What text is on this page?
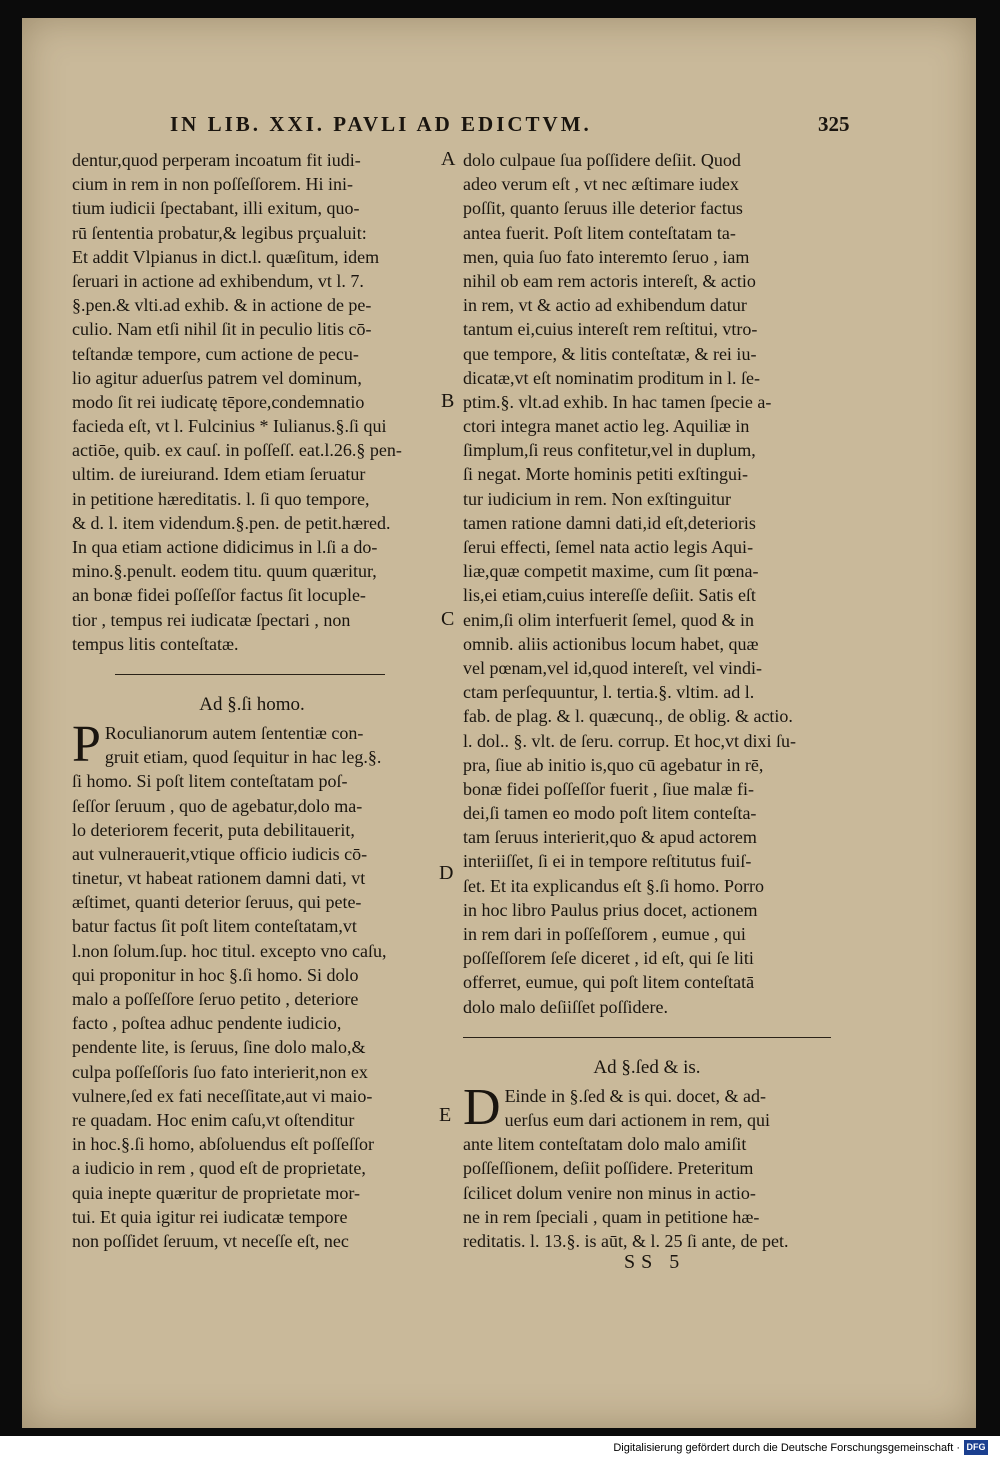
IN LIB. XXI. PAVLI AD EDICTVM.	325
A
B
C
D
E
dentur,quod perperam incoatum fit iudi-
cium in rem in non poſſeſſorem. Hi ini-
tium iudicii ſpectabant, illi exitum, quo-
rū ſententia probatur,& legibus prçualuit:
Et addit Vlpianus in dict.l. quæſitum, idem
ſeruari in actione ad exhibendum, vt l. 7.
§.pen.& vlti.ad exhib. & in actione de pe-
culio. Nam etſi nihil ſit in peculio litis cō-
teſtandæ tempore, cum actione de pecu-
lio agitur aduerſus patrem vel dominum,
modo ſit rei iudicatę tēpore,condemnatio
facieda eſt, vt l. Fulcinius * Iulianus.§.ſi qui
actiōe, quib. ex cauſ. in poſſeſſ. eat.l.26.§ pen-
ultim. de iureiurand. Idem etiam ſeruatur
in petitione hæreditatis. l. ſi quo tempore,
& d. l. item videndum.§.pen. de petit.hæred.
In qua etiam actione didicimus in l.ſi a do-
mino.§.penult. eodem titu. quum quæritur,
an bonæ fidei poſſeſſor factus ſit locuple-
tior , tempus rei iudicatæ ſpectari , non
tempus litis conteſtatæ.
Ad §.ſi homo.
P Roculianorum autem ſententiæ con-
gruit etiam, quod ſequitur in hac leg.§.
ſi homo. Si poſt litem conteſtatam poſ-
ſeſſor ſeruum , quo de agebatur,dolo ma-
lo deteriorem fecerit, puta debilitauerit,
aut vulnerauerit,vtique officio iudicis cō-
tinetur, vt habeat rationem damni dati, vt
æſtimet, quanti deterior ſeruus, qui pete-
batur factus ſit poſt litem conteſtatam,vt
l.non ſolum.ſup. hoc titul. excepto vno caſu,
qui proponitur in hoc §.ſi homo. Si dolo
malo a poſſeſſore ſeruo petito , deteriore
facto , poſtea adhuc pendente iudicio,
pendente lite, is ſeruus, ſine dolo malo,&
culpa poſſeſſoris ſuo fato interierit,non ex
vulnere,ſed ex fati neceſſitate,aut vi maio-
re quadam. Hoc enim caſu,vt oſtenditur
in hoc.§.ſi homo, abſoluendus eſt poſſeſſor
a iudicio in rem , quod eſt de proprietate,
quia inepte quæritur de proprietate mor-
tui. Et quia igitur rei iudicatæ tempore
non poſſidet ſeruum, vt neceſſe eſt, nec
dolo culpaue ſua poſſidere deſiit. Quod
adeo verum eſt , vt nec æſtimare iudex
poſſit, quanto ſeruus ille deterior factus
antea fuerit. Poſt litem conteſtatam ta-
men, quia ſuo fato interemto ſeruo , iam
nihil ob eam rem actoris intereſt, & actio
in rem, vt & actio ad exhibendum datur
tantum ei,cuius intereſt rem reſtitui, vtro-
que tempore, & litis conteſtatæ, & rei iu-
dicatæ,vt eſt nominatim proditum in l. ſe-
ptim.§. vlt.ad exhib. In hac tamen ſpecie a-
ctori integra manet actio leg. Aquiliæ in
ſimplum,ſi reus confitetur,vel in duplum,
ſi negat. Morte hominis petiti exſtingui-
tur iudicium in rem. Non exſtinguitur
tamen ratione damni dati,id eſt,deterioris
ſerui effecti, ſemel nata actio legis Aqui-
liæ,quæ competit maxime, cum ſit pœna-
lis,ei etiam,cuius intereſſe deſiit. Satis eſt
enim,ſi olim interfuerit ſemel, quod & in
omnib. aliis actionibus locum habet, quæ
vel pœnam,vel id,quod intereſt, vel vindi-
ctam perſequuntur, l. tertia.§. vltim. ad l.
fab. de plag. & l. quæcunq., de oblig. & actio.
l. dol.. §. vlt. de ſeru. corrup. Et hoc,vt dixi ſu-
pra, ſiue ab initio is,quo cū agebatur in rē,
bonæ fidei poſſeſſor fuerit , ſiue malæ fi-
dei,ſi tamen eo modo poſt litem conteſta-
tam ſeruus interierit,quo & apud actorem
interiiſſet, ſi ei in tempore reſtitutus fuiſ-
ſet. Et ita explicandus eſt §.ſi homo. Porro
in hoc libro Paulus prius docet, actionem
in rem dari in poſſeſſorem , eumue , qui
poſſeſſorem ſeſe diceret , id eſt, qui ſe liti
offerret, eumue, qui poſt litem conteſtatā
dolo malo deſiiſſet poſſidere.
Ad §.ſed & is.
D Einde in §.ſed & is qui. docet, & ad-
uerſus eum dari actionem in rem, qui
ante litem conteſtatam dolo malo amiſit
poſſeſſionem, deſiit poſſidere. Preteritum
ſcilicet dolum venire non minus in actio-
ne in rem ſpeciali , quam in petitione hæ-
reditatis. l. 13.§. is aūt, & l. 25 ſi ante, de pet.
SS 5
Digitalisierung gefördert durch die Deutsche Forschungsgemeinschaft · DFG
